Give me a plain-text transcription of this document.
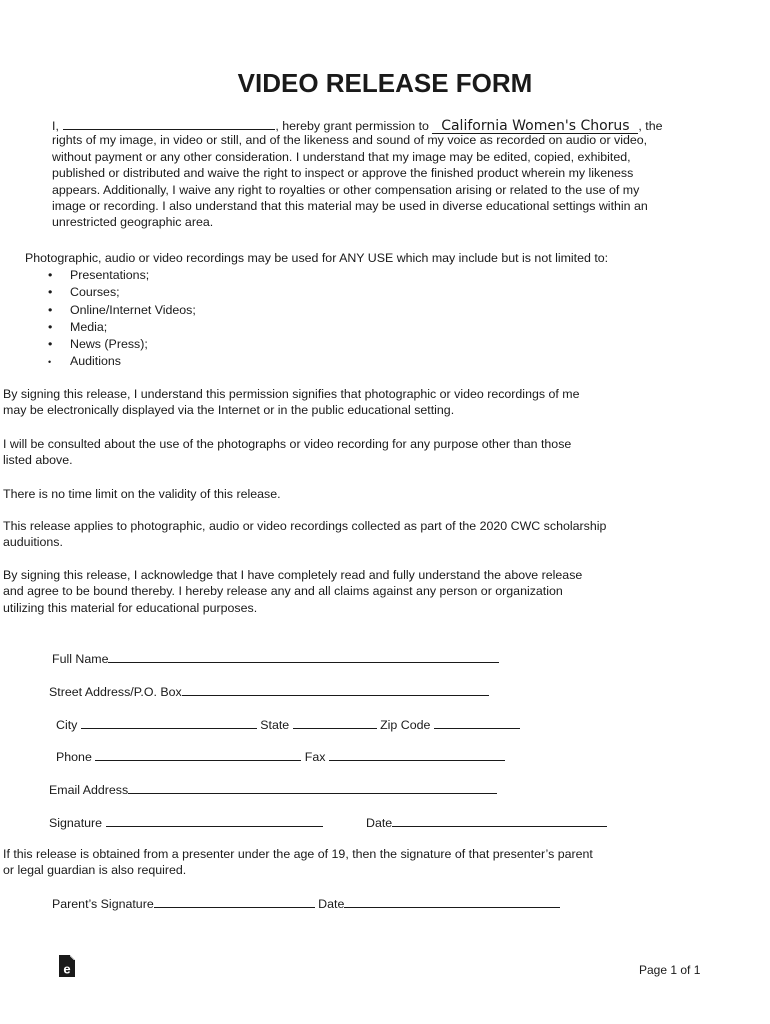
VIDEO RELEASE FORM
I,	, hereby grant permission to California Women's Chorus , the
rights of my image, in video or still, and of the likeness and sound of my voice as recorded on audio or video,
without payment or any other consideration. I understand that my image may be edited, copied, exhibited,
published or distributed and waive the right to inspect or approve the finished product wherein my likeness
appears. Additionally, I waive any right to royalties or other compensation arising or related to the use of my
image or recording. I also understand that this material may be used in diverse educational settings within an
unrestricted geographic area.
Photographic, audio or video recordings may be used for ANY USE which may include but is not limited to:
• Presentations;
• Courses;
• Online/Internet Videos;
• Media;
• News (Press);
• Auditions
By signing this release, I understand this permission signifies that photographic or video recordings of me
may be electronically displayed via the Internet or in the public educational setting.
I will be consulted about the use of the photographs or video recording for any purpose other than those
listed above.
There is no time limit on the validity of this release.
This release applies to photographic, audio or video recordings collected as part of the 2020 CWC scholarship
auduitions.
By signing this release, I acknowledge that I have completely read and fully understand the above release
and agree to be bound thereby. I hereby release any and all claims against any person or organization
utilizing this material for educational purposes.
Full Name
Street Address/P.O. Box
City	State	Zip Code
Phone	Fax
Email Address
Signature	Date
If this release is obtained from a presenter under the age of 19, then the signature of that presenter’s parent
or legal guardian is also required.
Parent’s Signature	Date
e	Page 1 of 1
